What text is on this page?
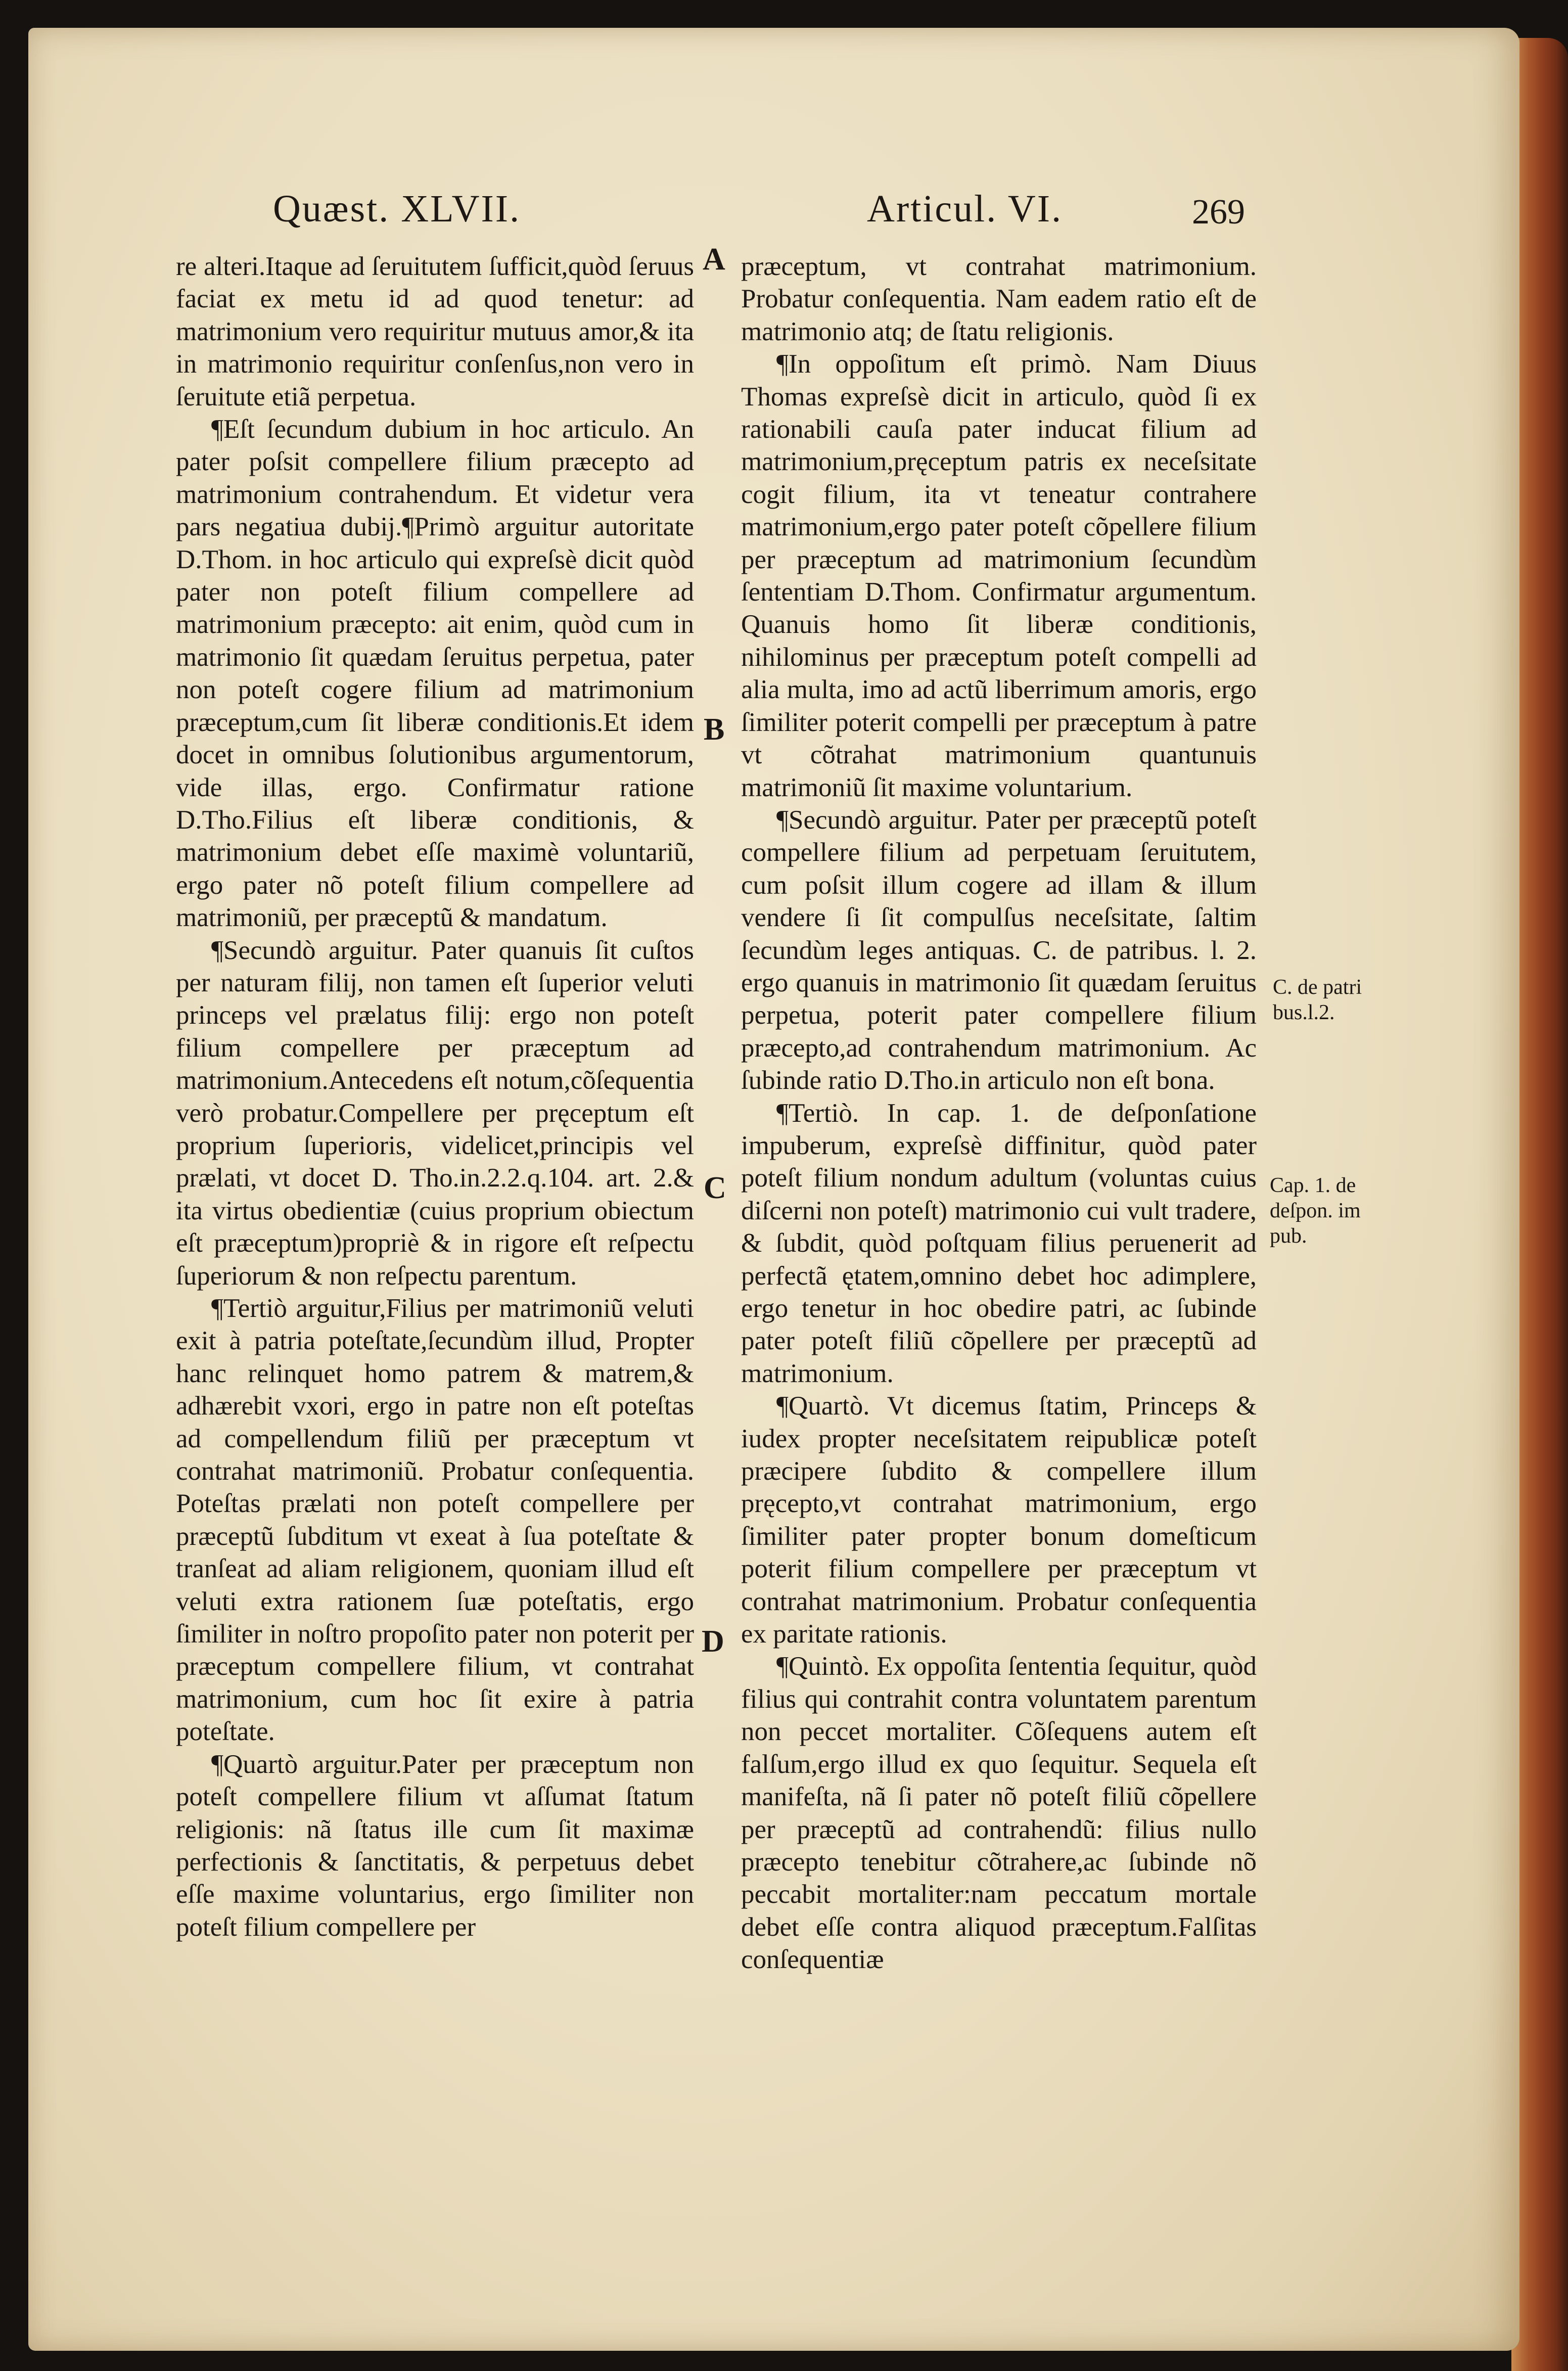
Quæst. XLVII.	Articul. VI.	269

re alteri.Itaque ad ſeruitutem ſufficit,quòd ſeruus faciat ex metu id ad quod tenetur: ad matrimonium vero requiritur mutuus amor,& ita in matrimonio requiritur conſenſus,non vero in ſeruitute etiã perpetua.

¶Eſt ſecundum dubium in hoc articulo. An pater poſsit compellere filium præcepto ad matrimonium contrahendum. Et videtur vera pars negatiua dubij.¶Primò arguitur autoritate D.Thom. in hoc articulo qui expreſsè dicit quòd pater non poteſt filium compellere ad matrimonium præcepto: ait enim, quòd cum in matrimonio ſit quædam ſeruitus perpetua, pater non poteſt cogere filium ad matrimonium præceptum,cum ſit liberæ conditionis.Et idem docet in omnibus ſolutionibus argumentorum, vide illas, ergo. Confirmatur ratione D.Tho.Filius eſt liberæ conditionis, & matrimonium debet eſſe maximè voluntariũ, ergo pater nõ poteſt filium compellere ad matrimoniũ, per præceptũ & mandatum.

¶Secundò arguitur. Pater quanuis ſit cuſtos per naturam filij, non tamen eſt ſuperior veluti princeps vel prælatus filij: ergo non poteſt filium compellere per præceptum ad matrimonium.Antecedens eſt notum,cõſequentia verò probatur.Compellere per pręceptum eſt proprium ſuperioris, videlicet,principis vel prælati, vt docet D. Tho.in.2.2.q.104. art. 2.& ita virtus obedientiæ (cuius proprium obiectum eſt præceptum)propriè & in rigore eſt reſpectu ſuperiorum & non reſpectu parentum.

¶Tertiò arguitur,Filius per matrimoniũ veluti exit à patria poteſtate,ſecundùm illud, Propter hanc relinquet homo patrem & matrem,& adhærebit vxori, ergo in patre non eſt poteſtas ad compellendum filiũ per præceptum vt contrahat matrimoniũ. Probatur conſequentia. Poteſtas prælati non poteſt compellere per præceptũ ſubditum vt exeat à ſua poteſtate & tranſeat ad aliam religionem, quoniam illud eſt veluti extra rationem ſuæ poteſtatis, ergo ſimiliter in noſtro propoſito pater non poterit per præceptum compellere filium, vt contrahat matrimonium, cum hoc ſit exire à patria poteſtate.

¶Quartò arguitur.Pater per præceptum non poteſt compellere filium vt aſſumat ſtatum religionis: nã ſtatus ille cum ſit maximæ perfectionis & ſanctitatis, & perpetuus debet eſſe maxime voluntarius, ergo ſimiliter non poteſt filium compellere per

præceptum, vt contrahat matrimonium. Probatur conſequentia. Nam eadem ratio eſt de matrimonio atq; de ſtatu religionis.

¶In oppoſitum eſt primò. Nam Diuus Thomas expreſsè dicit in articulo, quòd ſi ex rationabili cauſa pater inducat filium ad matrimonium,pręceptum patris ex neceſsitate cogit filium, ita vt teneatur contrahere matrimonium,ergo pater poteſt cõpellere filium per præceptum ad matrimonium ſecundùm ſententiam D.Thom. Confirmatur argumentum. Quanuis homo ſit liberæ conditionis, nihilominus per præceptum poteſt compelli ad alia multa, imo ad actũ liberrimum amoris, ergo ſimiliter poterit compelli per præceptum à patre vt cõtrahat matrimonium quantunuis matrimoniũ ſit maxime voluntarium.

¶Secundò arguitur. Pater per præceptũ poteſt compellere filium ad perpetuam ſeruitutem, cum poſsit illum cogere ad illam & illum vendere ſi ſit compulſus neceſsitate, ſaltim ſecundùm leges antiquas. C. de patribus. l. 2. ergo quanuis in matrimonio ſit quædam ſeruitus perpetua, poterit pater compellere filium præcepto,ad contrahendum matrimonium. Ac ſubinde ratio D.Tho.in articulo non eſt bona.

¶Tertiò. In cap. 1. de deſponſatione impuberum, expreſsè diffinitur, quòd pater poteſt filium nondum adultum (voluntas cuius diſcerni non poteſt) matrimonio cui vult tradere, & ſubdit, quòd poſtquam filius peruenerit ad perfectã ętatem,omnino debet hoc adimplere, ergo tenetur in hoc obedire patri, ac ſubinde pater poteſt filiũ cõpellere per præceptũ ad matrimonium.

¶Quartò. Vt dicemus ſtatim, Princeps & iudex propter neceſsitatem reipublicæ poteſt præcipere ſubdito & compellere illum pręcepto,vt contrahat matrimonium, ergo ſimiliter pater propter bonum domeſticum poterit filium compellere per præceptum vt contrahat matrimonium. Probatur conſequentia ex paritate rationis.

¶Quintò. Ex oppoſita ſententia ſequitur, quòd filius qui contrahit contra voluntatem parentum non peccet mortaliter. Cõſequens autem eſt falſum,ergo illud ex quo ſequitur. Sequela eſt manifeſta, nã ſi pater nõ poteſt filiũ cõpellere per præceptũ ad contrahendũ: filius nullo præcepto tenebitur cõtrahere,ac ſubinde nõ peccabit mortaliter:nam peccatum mortale debet eſſe contra aliquod præceptum.Falſitas conſequentiæ

A
B
C
D
C. de patri
bus.l.2.
Cap. 1. de
deſpon. im
pub.
